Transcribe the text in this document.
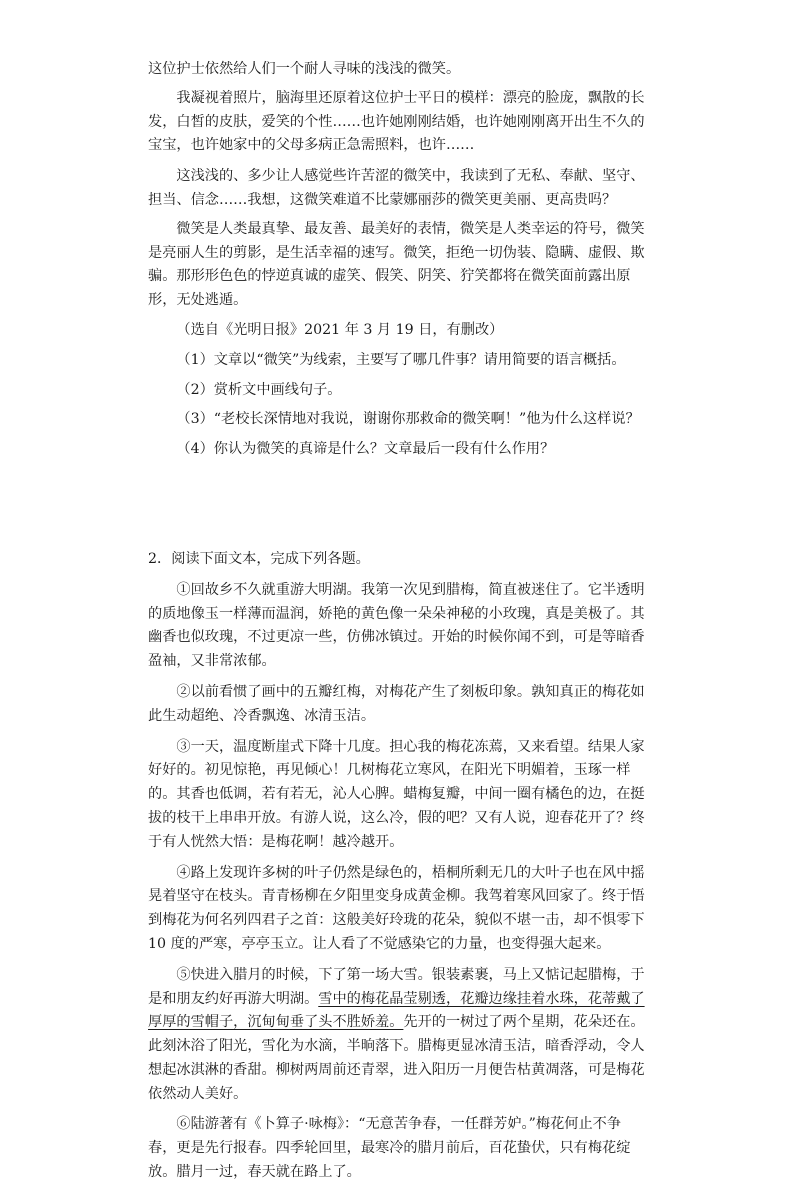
这位护士依然给人们一个耐人寻味的浅浅的微笑。

我凝视着照片，脑海里还原着这位护士平日的模样：漂亮的脸庞，飘散的长发，白皙的皮肤，爱笑的个性……也许她刚刚结婚，也许她刚刚离开出生不久的宝宝，也许她家中的父母多病正急需照料，也许……

这浅浅的、多少让人感觉些许苦涩的微笑中，我读到了无私、奉献、坚守、担当、信念……我想，这微笑难道不比蒙娜丽莎的微笑更美丽、更高贵吗？

微笑是人类最真挚、最友善、最美好的表情，微笑是人类幸运的符号，微笑是亮丽人生的剪影，是生活幸福的速写。微笑，拒绝一切伪装、隐瞒、虚假、欺骗。那形形色色的悖逆真诚的虚笑、假笑、阴笑、狞笑都将在微笑面前露出原形，无处逃遁。

（选自《光明日报》2021 年 3 月 19 日，有删改）

（1）文章以“微笑”为线索，主要写了哪几件事？请用简要的语言概括。

（2）赏析文中画线句子。

（3）“老校长深情地对我说，谢谢你那救命的微笑啊！”他为什么这样说？

（4）你认为微笑的真谛是什么？文章最后一段有什么作用？

2．阅读下面文本，完成下列各题。

①回故乡不久就重游大明湖。我第一次见到腊梅，简直被迷住了。它半透明的质地像玉一样薄而温润，娇艳的黄色像一朵朵神秘的小玫瑰，真是美极了。其幽香也似玫瑰，不过更凉一些，仿佛冰镇过。开始的时候你闻不到，可是等暗香盈袖，又非常浓郁。

②以前看惯了画中的五瓣红梅，对梅花产生了刻板印象。孰知真正的梅花如此生动超绝、冷香飘逸、冰清玉洁。

③一天，温度断崖式下降十几度。担心我的梅花冻蔫，又来看望。结果人家好好的。初见惊艳，再见倾心！几树梅花立寒风，在阳光下明媚着，玉琢一样的。其香也低调，若有若无，沁人心脾。蜡梅复瓣，中间一圈有橘色的边，在挺拔的枝干上串串开放。有游人说，这么冷，假的吧？又有人说，迎春花开了？终于有人恍然大悟：是梅花啊！越冷越开。

④路上发现许多树的叶子仍然是绿色的，梧桐所剩无几的大叶子也在风中摇晃着坚守在枝头。青青杨柳在夕阳里变身成黄金柳。我驾着寒风回家了。终于悟到梅花为何名列四君子之首：这般美好玲珑的花朵，貌似不堪一击，却不惧零下 10 度的严寒，亭亭玉立。让人看了不觉感染它的力量，也变得强大起来。

⑤快进入腊月的时候，下了第一场大雪。银装素裹，马上又惦记起腊梅，于是和朋友约好再游大明湖。雪中的梅花晶莹剔透，花瓣边缘挂着水珠，花蒂戴了厚厚的雪帽子，沉甸甸垂了头不胜娇羞。先开的一树过了两个星期，花朵还在。此刻沐浴了阳光，雪化为水滴，半晌落下。腊梅更显冰清玉洁，暗香浮动，令人想起冰淇淋的香甜。柳树两周前还青翠，进入阳历一月便告枯黄凋落，可是梅花依然动人美好。

⑥陆游著有《卜算子·咏梅》：“无意苦争春，一任群芳妒。”梅花何止不争春，更是先行报春。四季轮回里，最寒冷的腊月前后，百花蛰伏，只有梅花绽放。腊月一过，春天就在路上了。
